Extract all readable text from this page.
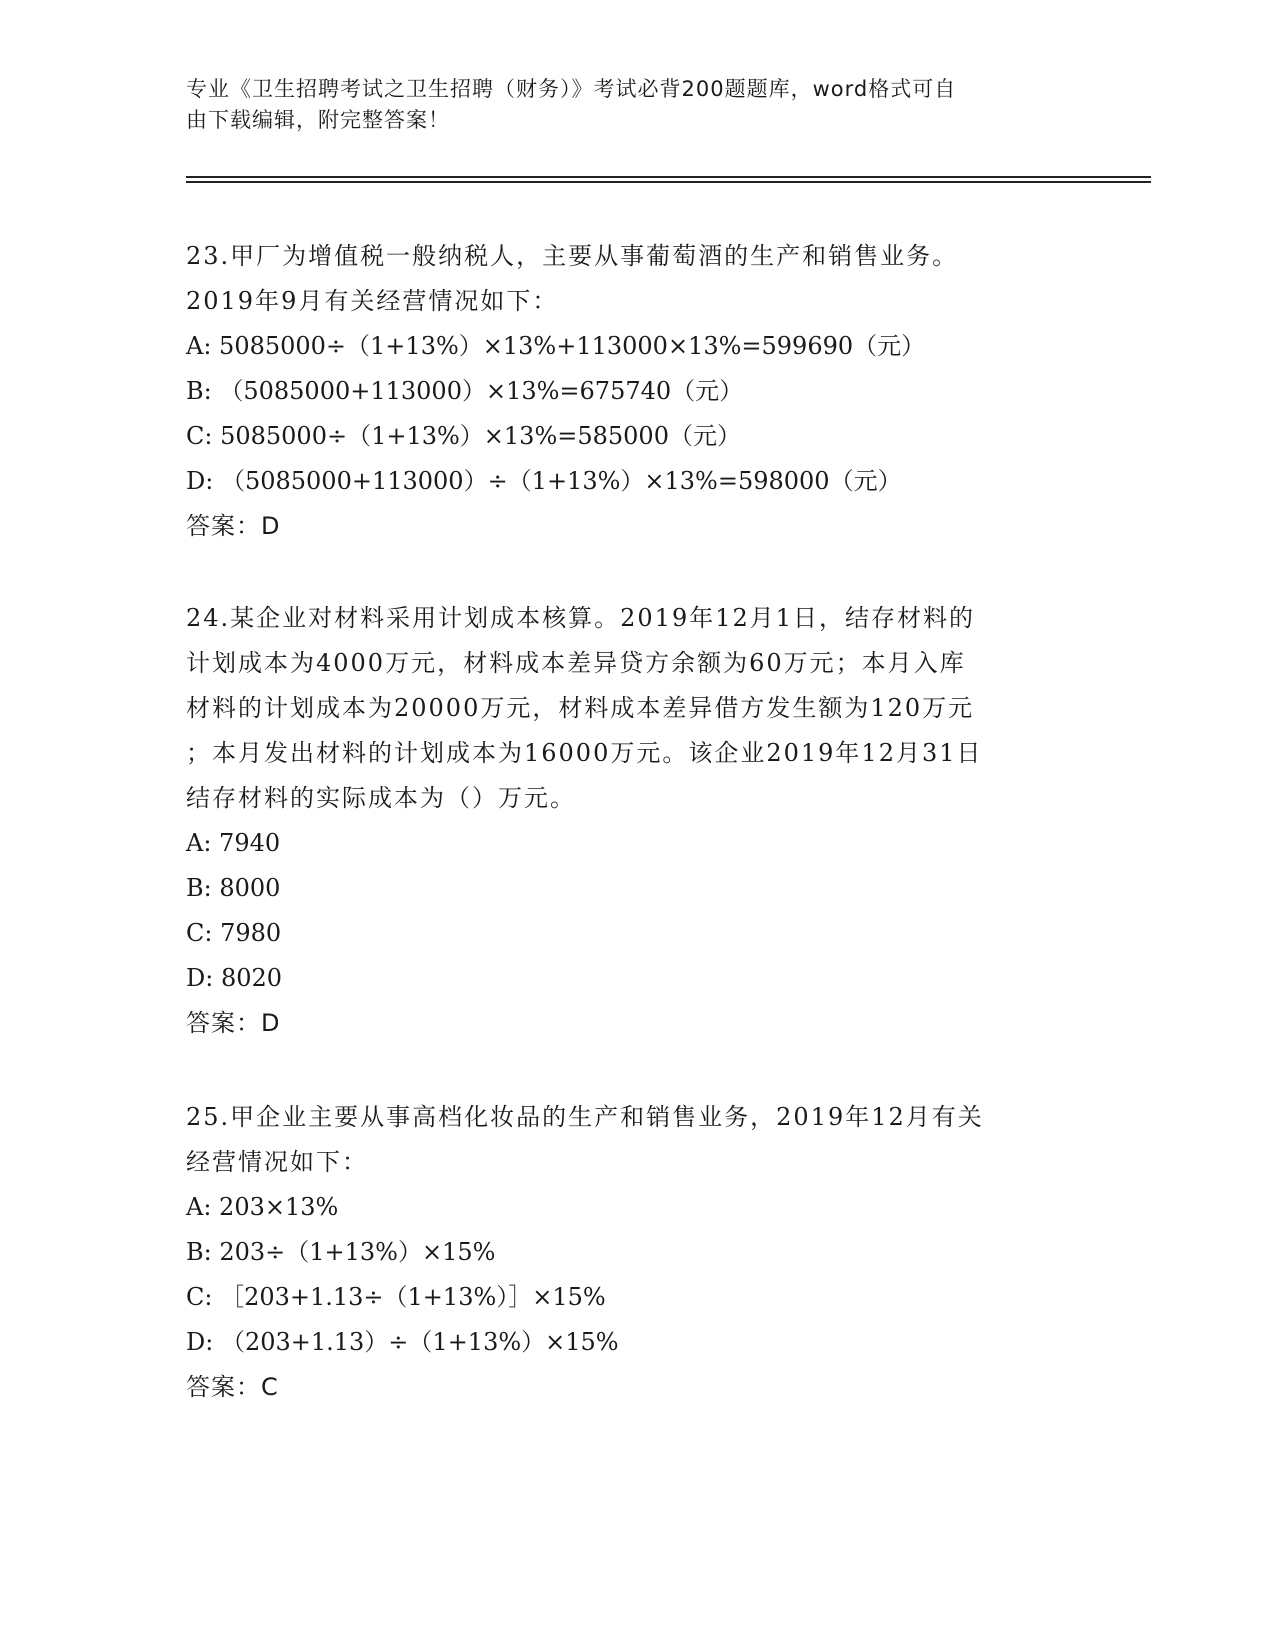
专业《卫生招聘考试之卫生招聘（财务）》考试必背200题题库，word格式可自
由下载编辑，附完整答案！

23.甲厂为增值税一般纳税人，主要从事葡萄酒的生产和销售业务。

2019年9月有关经营情况如下：

A: 5085000÷（1+13%）×13%+113000×13%=599690（元）

B: （5085000+113000）×13%=675740（元）

C: 5085000÷（1+13%）×13%=585000（元）

D: （5085000+113000）÷（1+13%）×13%=598000（元）

答案：D

24.某企业对材料采用计划成本核算。2019年12月1日，结存材料的

计划成本为4000万元，材料成本差异贷方余额为60万元；本月入库

材料的计划成本为20000万元，材料成本差异借方发生额为120万元

；本月发出材料的计划成本为16000万元。该企业2019年12月31日

结存材料的实际成本为（）万元。

A: 7940

B: 8000

C: 7980

D: 8020

答案：D

25.甲企业主要从事高档化妆品的生产和销售业务，2019年12月有关

经营情况如下：

A: 203×13%

B: 203÷（1+13%）×15%

C: ［203+1.13÷（1+13%）］×15%

D: （203+1.13）÷（1+13%）×15%

答案：C
